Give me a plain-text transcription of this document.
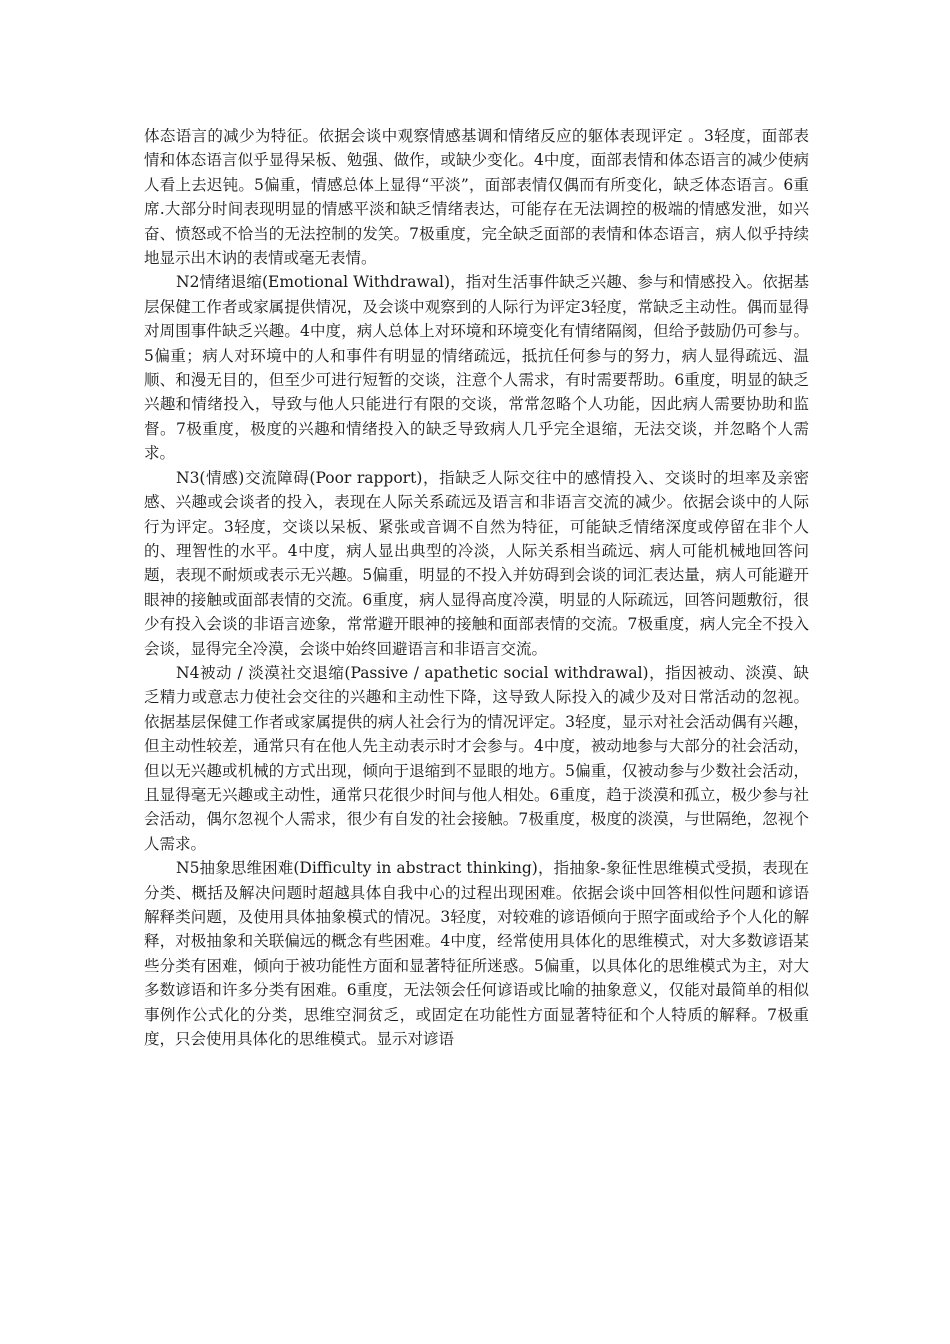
体态语言的减少为特征。依据会谈中观察情感基调和情绪反应的躯体表现评定 。3轻度，面部表情和体态语言似乎显得呆板、勉强、做作，或缺少变化。4中度，面部表情和体态语言的减少使病人看上去迟钝。5偏重，情感总体上显得“平淡”，面部表情仅偶而有所变化，缺乏体态语言。6重席.大部分时间表现明显的情感平淡和缺乏情绪表达，可能存在无法调控的极端的情感发泄，如兴奋、愤怒或不恰当的无法控制的发笑。7极重度，完全缺乏面部的表情和体态语言，病人似乎持续地显示出木讷的表情或毫无表情。

N2情绪退缩(Emotional Withdrawal)，指对生活事件缺乏兴趣、参与和情感投入。依据基层保健工作者或家属提供情况，及会谈中观察到的人际行为评定3轻度，常缺乏主动性。偶而显得对周围事件缺乏兴趣。4中度，病人总体上对环境和环境变化有情绪隔阂，但给予鼓励仍可参与。5偏重；病人对环境中的人和事件有明显的情绪疏远，抵抗任何参与的努力，病人显得疏远、温顺、和漫无目的，但至少可进行短暂的交谈，注意个人需求，有时需要帮助。6重度，明显的缺乏兴趣和情绪投入，导致与他人只能进行有限的交谈，常常忽略个人功能，因此病人需要协助和监督。7极重度，极度的兴趣和情绪投入的缺乏导致病人几乎完全退缩，无法交谈，并忽略个人需求。

N3(情感)交流障碍(Poor rapport)，指缺乏人际交往中的感情投入、交谈时的坦率及亲密感、兴趣或会谈者的投入，表现在人际关系疏远及语言和非语言交流的减少。依据会谈中的人际行为评定。3轻度，交谈以呆板、紧张或音调不自然为特征，可能缺乏情绪深度或停留在非个人的、理智性的水平。4中度，病人显出典型的冷淡，人际关系相当疏远、病人可能机械地回答问题，表现不耐烦或表示无兴趣。5偏重，明显的不投入并妨碍到会谈的词汇表达量，病人可能避开眼神的接触或面部表情的交流。6重度，病人显得高度冷漠，明显的人际疏远，回答问题敷衍，很少有投入会谈的非语言迹象，常常避开眼神的接触和面部表情的交流。7极重度，病人完全不投入会谈，显得完全冷漠，会谈中始终回避语言和非语言交流。

N4被动 / 淡漠社交退缩(Passive / apathetic social withdrawal)，指因被动、淡漠、缺乏精力或意志力使社会交往的兴趣和主动性下降，这导致人际投入的减少及对日常活动的忽视。依据基层保健工作者或家属提供的病人社会行为的情况评定。3轻度，显示对社会活动偶有兴趣，但主动性较差，通常只有在他人先主动表示时才会参与。4中度，被动地参与大部分的社会活动，但以无兴趣或机械的方式出现，倾向于退缩到不显眼的地方。5偏重，仅被动参与少数社会活动，且显得毫无兴趣或主动性，通常只花很少时间与他人相处。6重度，趋于淡漠和孤立，极少参与社会活动，偶尔忽视个人需求，很少有自发的社会接触。7极重度，极度的淡漠，与世隔绝，忽视个人需求。

N5抽象思维困难(Difficulty in abstract thinking)，指抽象-象征性思维模式受损，表现在分类、概括及解决问题时超越具体自我中心的过程出现困难。依据会谈中回答相似性问题和谚语解释类问题，及使用具体抽象模式的情况。3轻度，对较难的谚语倾向于照字面或给予个人化的解释，对极抽象和关联偏远的概念有些困难。4中度，经常使用具体化的思维模式，对大多数谚语某些分类有困难，倾向于被功能性方面和显著特征所迷惑。5偏重，以具体化的思维模式为主，对大多数谚语和许多分类有困难。6重度，无法领会任何谚语或比喻的抽象意义，仅能对最简单的相似事例作公式化的分类，思维空洞贫乏，或固定在功能性方面显著特征和个人特质的解释。7极重度，只会使用具体化的思维模式。显示对谚语
